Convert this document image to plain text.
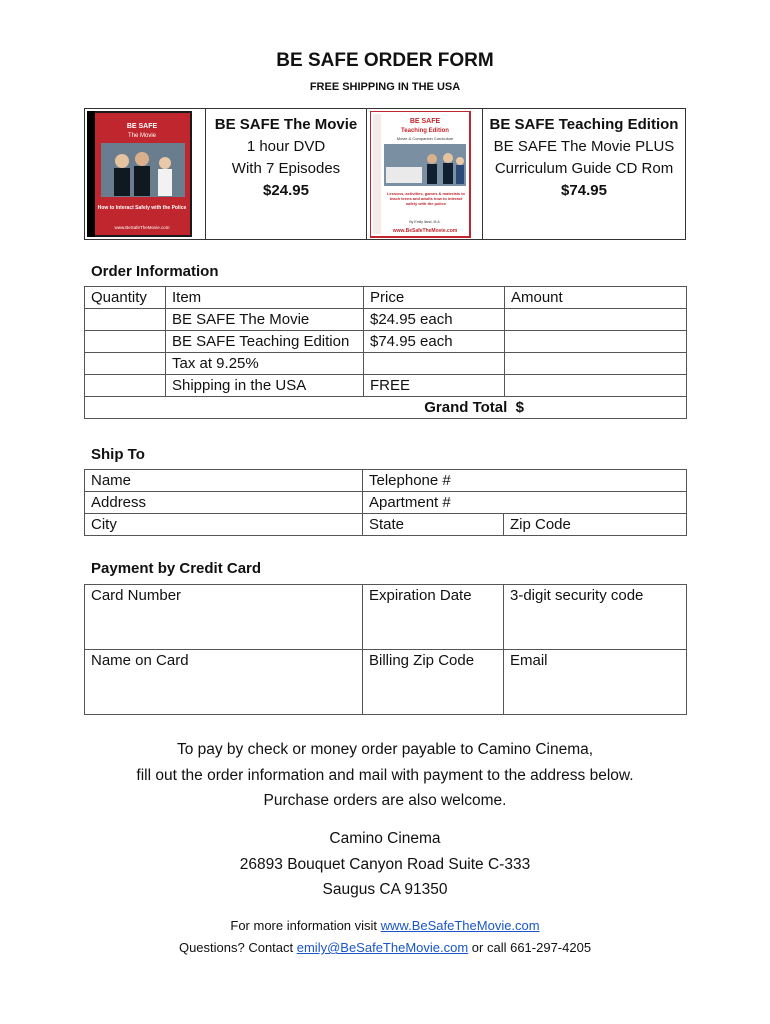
BE SAFE ORDER FORM
FREE SHIPPING IN THE USA
BE SAFE
The Movie
How to Interact Safely with the Police
www.BeSafeTheMovie.com

BE SAFE The Movie
1 hour DVD
With 7 Episodes
$24.95

BE SAFE
Teaching Edition
Movie & Companion Curriculum
Lessons, activities, games & materials to teach teens and adults how to interact safely with the police
By Emily Iland, M.A.
www.BeSafeTheMovie.com

BE SAFE Teaching Edition
BE SAFE The Movie PLUS
Curriculum Guide CD Rom
$74.95
Order Information
Quantity	Item	Price	Amount
	BE SAFE The Movie	$24.95 each	
	BE SAFE Teaching Edition	$74.95 each	
	Tax at 9.25%		
	Shipping in the USA	FREE	
Grand Total $			
Ship To
Name	Telephone #	
Address	Apartment #	
City	State	Zip Code
Payment by Credit Card
Card Number	Expiration Date	3-digit security code
Name on Card	Billing Zip Code	Email
To pay by check or money order payable to Camino Cinema,
fill out the order information and mail with payment to the address below.
Purchase orders are also welcome.
Camino Cinema
26893 Bouquet Canyon Road Suite C-333
Saugus CA 91350
For more information visit www.BeSafeTheMovie.com
Questions? Contact emily@BeSafeTheMovie.com or call 661-297-4205
